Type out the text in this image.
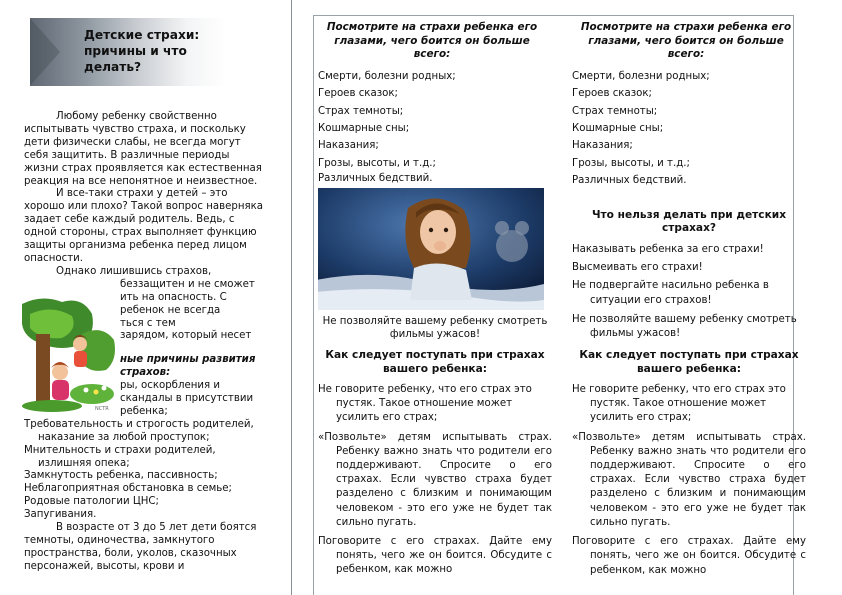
Детские страхи: причины и что делать?

Любому ребенку свойственно испытывать чувство страха, и поскольку дети физически слабы, не всегда могут себя защитить. В различные периоды жизни страх проявляется как естественная реакция на все непонятное и неизвестное.

И все-таки страхи у детей – это хорошо или плохо? Такой вопрос наверняка задает себе каждый родитель. Ведь, с одной стороны, страх выполняет функцию защиты организма ребенка перед лицом опасности.

Однако лишившись страхов,

беззащитен и не сможет

ить на опасность. С

ребенок не всегда

ться с тем

зарядом, который несет

ные причины развития страхов:

ры, оскорбления и скандалы в присутствии ребенка;

Требовательность и строгость родителей, наказание за любой проступок;

Мнительность и страхи родителей, излишняя опека;

Замкнутость ребенка, пассивность;

Неблагоприятная обстановка в семье;

Родовые патологии ЦНС;

Запугивания.

В возрасте от 3 до 5 лет дети боятся темноты, одиночества, замкнутого пространства, боли, уколов, сказочных персонажей, высоты, крови и

NCTR

Посмотрите на страхи ребенка его глазами, чего боится он больше всего:

Смерти, болезни родных;

Героев сказок;

Страх темноты;

Кошмарные сны;

Наказания;

Грозы, высоты, и т.д.;

Различных бедствий.

Не позволяйте вашему ребенку смотреть фильмы ужасов!

Как следует поступать при страхах вашего ребенка:

Не говорите ребенку, что его страх это пустяк. Такое отношение может усилить его страх;

«Позвольте» детям испытывать страх. Ребенку важно знать что родители его поддерживают. Спросите о его страхах. Если чувство страха будет разделено с близким и понимающим человеком - это его уже не будет так сильно пугать.

Поговорите с его страхах. Дайте ему понять, чего же он боится. Обсудите с ребенком, как можно

Посмотрите на страхи ребенка его глазами, чего боится он больше всего:

Смерти, болезни родных;

Героев сказок;

Страх темноты;

Кошмарные сны;

Наказания;

Грозы, высоты, и т.д.;

Различных бедствий.

Что нельзя делать при детских страхах?

Наказывать ребенка за его страхи!

Высмеивать его страхи!

Не подвергайте насильно ребенка в ситуации его страхов!

Не позволяйте вашему ребенку смотреть фильмы ужасов!

Как следует поступать при страхах вашего ребенка:

Не говорите ребенку, что его страх это пустяк. Такое отношение может усилить его страх;

«Позвольте» детям испытывать страх. Ребенку важно знать что родители его поддерживают. Спросите о его страхах. Если чувство страха будет разделено с близким и понимающим человеком - это его уже не будет так сильно пугать.

Поговорите с его страхах. Дайте ему понять, чего же он боится. Обсудите с ребенком, как можно
